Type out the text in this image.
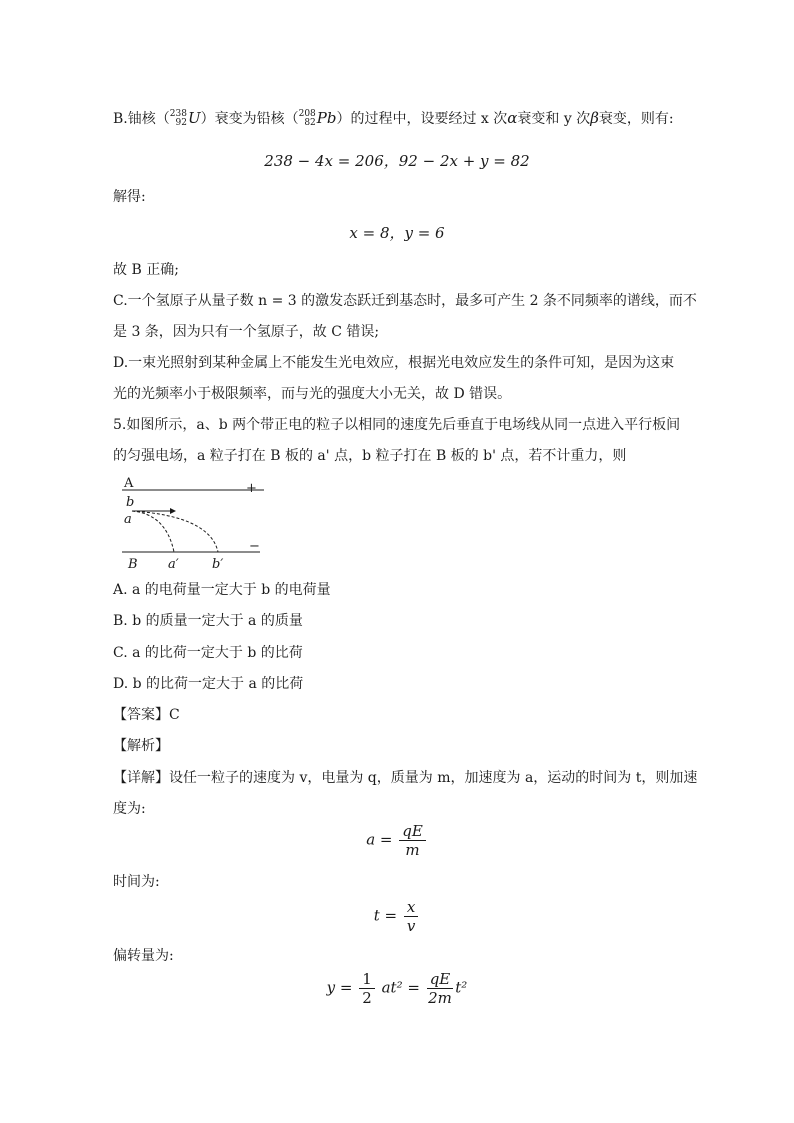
B.铀核（ 238
92 U）衰变为铅核（ 208
82 Pb）的过程中，设要经过 x 次α衰变和 y 次β衰变，则有:
238 − 4x = 206，92 − 2x + y = 82
解得:
x = 8，y = 6
故 B 正确;
C.一个氢原子从量子数 n = 3 的激发态跃迁到基态时，最多可产生 2 条不同频率的谱线，而不
是 3 条，因为只有一个氢原子，故 C 错误;
D.一束光照射到某种金属上不能发生光电效应，根据光电效应发生的条件可知，是因为这束
光的光频率小于极限频率，而与光的强度大小无关，故 D 错误。
5.如图所示，a、b 两个带正电的粒子以相同的速度先后垂直于电场线从同一点进入平行板间
的匀强电场，a 粒子打在 B 板的 a' 点，b 粒子打在 B 板的 b' 点，若不计重力，则
A	+
b
a
−
B a′	b′
A. a 的电荷量一定大于 b 的电荷量
B. b 的质量一定大于 a 的质量
C. a 的比荷一定大于 b 的比荷
D. b 的比荷一定大于 a 的比荷
【答案】C
【解析】
【详解】设任一粒子的速度为 v，电量为 q，质量为 m，加速度为 a，运动的时间为 t，则加速
度为:
$a = \frac{qE}{m}$
时间为:
$t = \frac{x}{v}$
偏转量为:
$y = \frac{1}{2} at^2 = \frac{qE}{2m} t^2$
